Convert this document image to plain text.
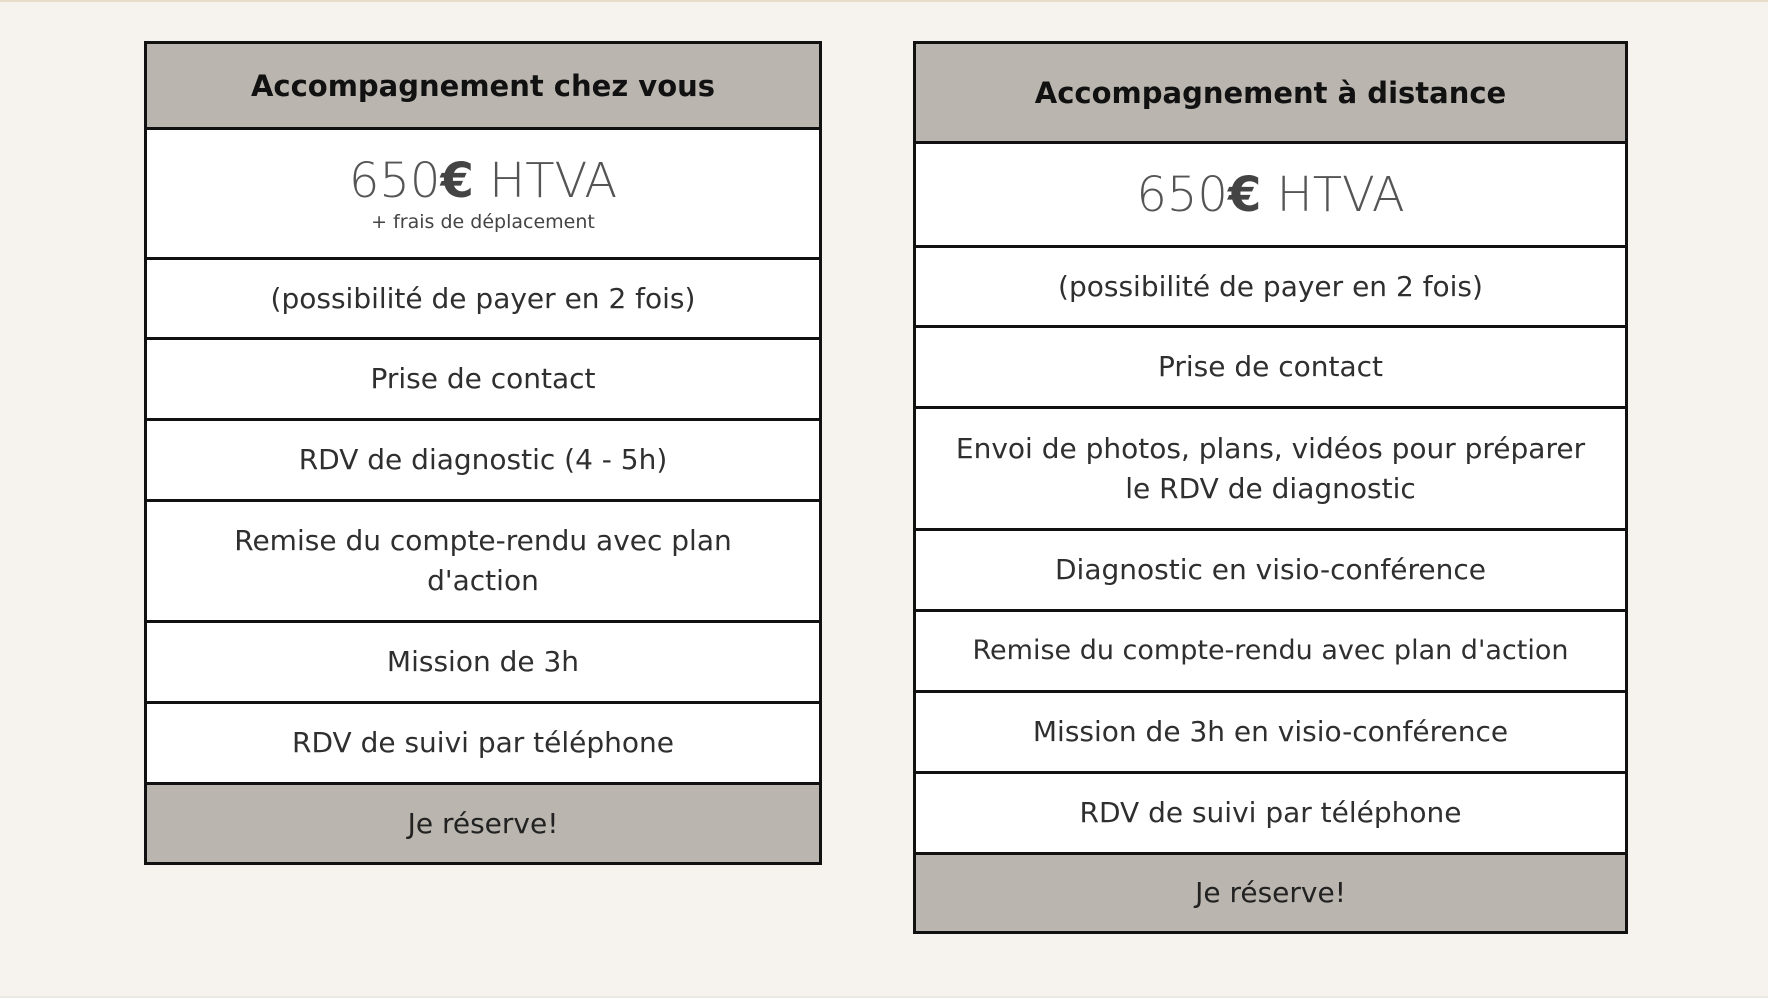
Accompagnement chez vous
650€ HTVA
+ frais de déplacement
(possibilité de payer en 2 fois)
Prise de contact
RDV de diagnostic (4 - 5h)
Remise du compte-rendu avec plan d'action
Mission de 3h
RDV de suivi par téléphone
Je réserve!
Accompagnement à distance
650€ HTVA
(possibilité de payer en 2 fois)
Prise de contact
Envoi de photos, plans, vidéos pour préparer le RDV de diagnostic
Diagnostic en visio-conférence
Remise du compte-rendu avec plan d'action
Mission de 3h en visio-conférence
RDV de suivi par téléphone
Je réserve!
